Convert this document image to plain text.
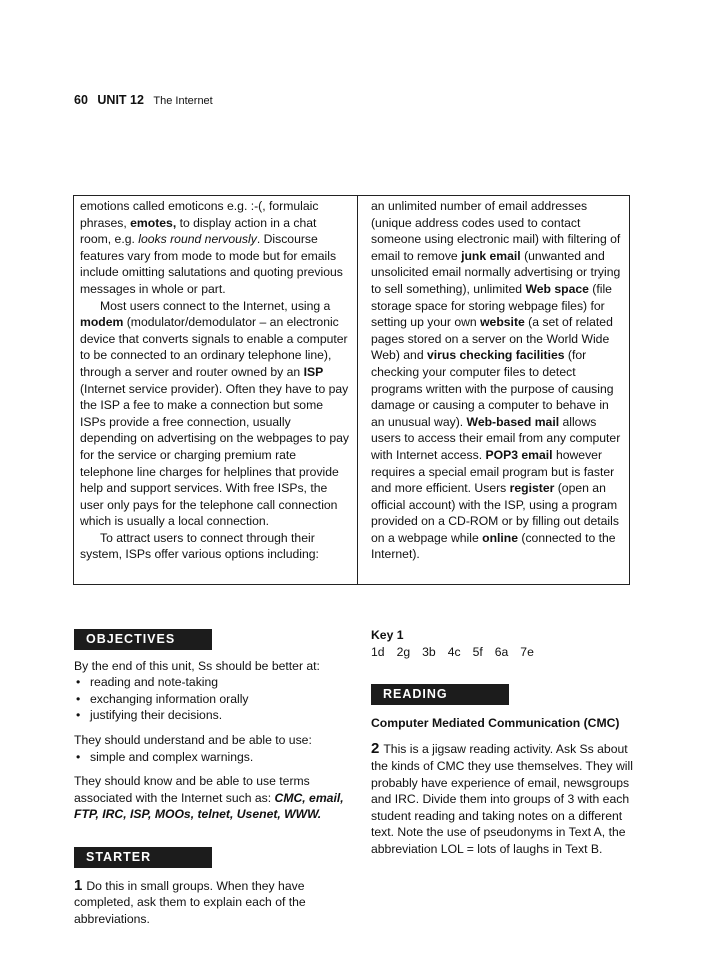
60 UNIT 12 The Internet

emotions called emoticons e.g. :-(, formulaic phrases, emotes, to display action in a chat room, e.g. looks round nervously. Discourse features vary from mode to mode but for emails include omitting salutations and quoting previous messages in whole or part.

Most users connect to the Internet, using a modem (modulator/demodulator – an electronic device that converts signals to enable a computer to be connected to an ordinary telephone line), through a server and router owned by an ISP (Internet service provider). Often they have to pay the ISP a fee to make a connection but some ISPs provide a free connection, usually depending on advertising on the webpages to pay for the service or charging premium rate telephone line charges for helplines that provide help and support services. With free ISPs, the user only pays for the telephone call connection which is usually a local connection.

To attract users to connect through their system, ISPs offer various options including:

an unlimited number of email addresses (unique address codes used to contact someone using electronic mail) with filtering of email to remove junk email (unwanted and unsolicited email normally advertising or trying to sell something), unlimited Web space (file storage space for storing webpage files) for setting up your own website (a set of related pages stored on a server on the World Wide Web) and virus checking facilities (for checking your computer files to detect programs written with the purpose of causing damage or causing a computer to behave in an unusual way). Web-based mail allows users to access their email from any computer with Internet access. POP3 email however requires a special email program but is faster and more efficient. Users register (open an official account) with the ISP, using a program provided on a CD-ROM or by filling out details on a webpage while online (connected to the Internet).

OBJECTIVES

By the end of this unit, Ss should be better at:

• reading and note-taking
• exchanging information orally
• justifying their decisions.

They should understand and be able to use:

• simple and complex warnings.

They should know and be able to use terms associated with the Internet such as: CMC, email, FTP, IRC, ISP, MOOs, telnet, Usenet, WWW.

STARTER

1 Do this in small groups. When they have completed, ask them to explain each of the abbreviations.

Key 1

1d 2g 3b 4c 5f 6a 7e

READING

Computer Mediated Communication (CMC)

2 This is a jigsaw reading activity. Ask Ss about the kinds of CMC they use themselves. They will probably have experience of email, newsgroups and IRC. Divide them into groups of 3 with each student reading and taking notes on a different text. Note the use of pseudonyms in Text A, the abbreviation LOL = lots of laughs in Text B.
